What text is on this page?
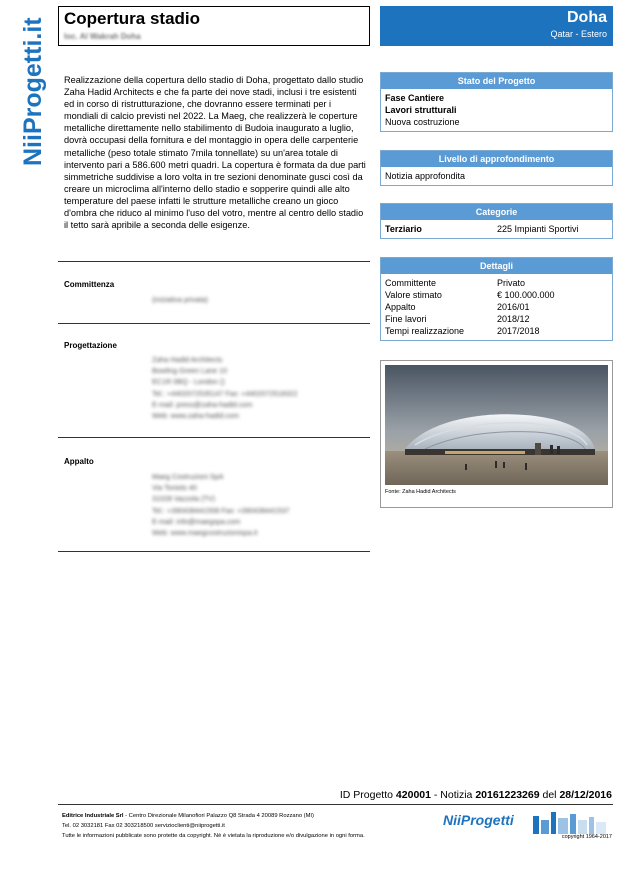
NiiProgetti.it Copertura stadio
loc. Al Wakrah Doha
Doha
Qatar - Estero
Realizzazione della copertura dello stadio di Doha, progettato dallo studio Zaha Hadid Architects e che fa parte dei nove stadi, inclusi i tre esistenti ed in corso di ristrutturazione, che dovranno essere terminati per i mondiali di calcio previsti nel 2022. La Maeg, che realizzerà le coperture metalliche direttamente nello stabilimento di Budoia inaugurato a luglio, dovrà occupasi della fornitura e del montaggio in opera delle carpenterie metalliche (peso totale stimato 7mila tonnellate) su un'area totale di intervento pari a 586.600 metri quadri. La copertura è formata da due parti simmetriche suddivise a loro volta in tre sezioni denominate gusci così da creare un microclima all'interno dello stadio e sopperire quindi alle alto temperature del paese infatti le strutture metalliche creano un gioco d'ombra che riduco al minimo l'uso del votro, mentre al centro dello stadio il tetto sarà apribile a seconda delle esigenze.
Committenza
(iniziativa privata)
Progettazione
Zaha Hadid Architects
Bowling Green Lane 10
EC1R 0BQ - London ()
Tel.: +4402072535147 Fax: +4402072518322
E-mail: press@zaha-hadid.com
Web: www.zaha-hadid.com
Appalto
Maeg Costruzioni SpA
Via Toniolo 40
31028 Vazzola (TV)
Tel.: +390438441558 Fax: +390438441537
E-mail: info@maegspa.com
Web: www.maegcostruzionispa.it
Stato del Progetto
Fase Cantiere
Lavori strutturali
Nuova costruzione
Livello di approfondimento
Notizia approfondita
Categorie
Terziario	225 Impianti Sportivi
Dettagli
Committente	Privato
Valore stimato	€ 100.000.000
Appalto	2016/01
Fine lavori	2018/12
Tempi realizzazione	2017/2018
Fonte: Zaha Hadid Architects
ID Progetto 420001 - Notizia 20161223269 del 28/12/2016
Editrice Industriale Srl - Centro Direzionale Milanofiori Palazzo Q8 Strada 4 20089 Rozzano (MI)
Tel. 02 3032181 Fax 02 303218500 servizioclienti@niiprogetti.it
Tutte le informazioni pubblicate sono protette da copyright. Nè è vietata la riproduzione e/o divulgazione in ogni forma.
NiiProgetti
copyright 1964-2017
